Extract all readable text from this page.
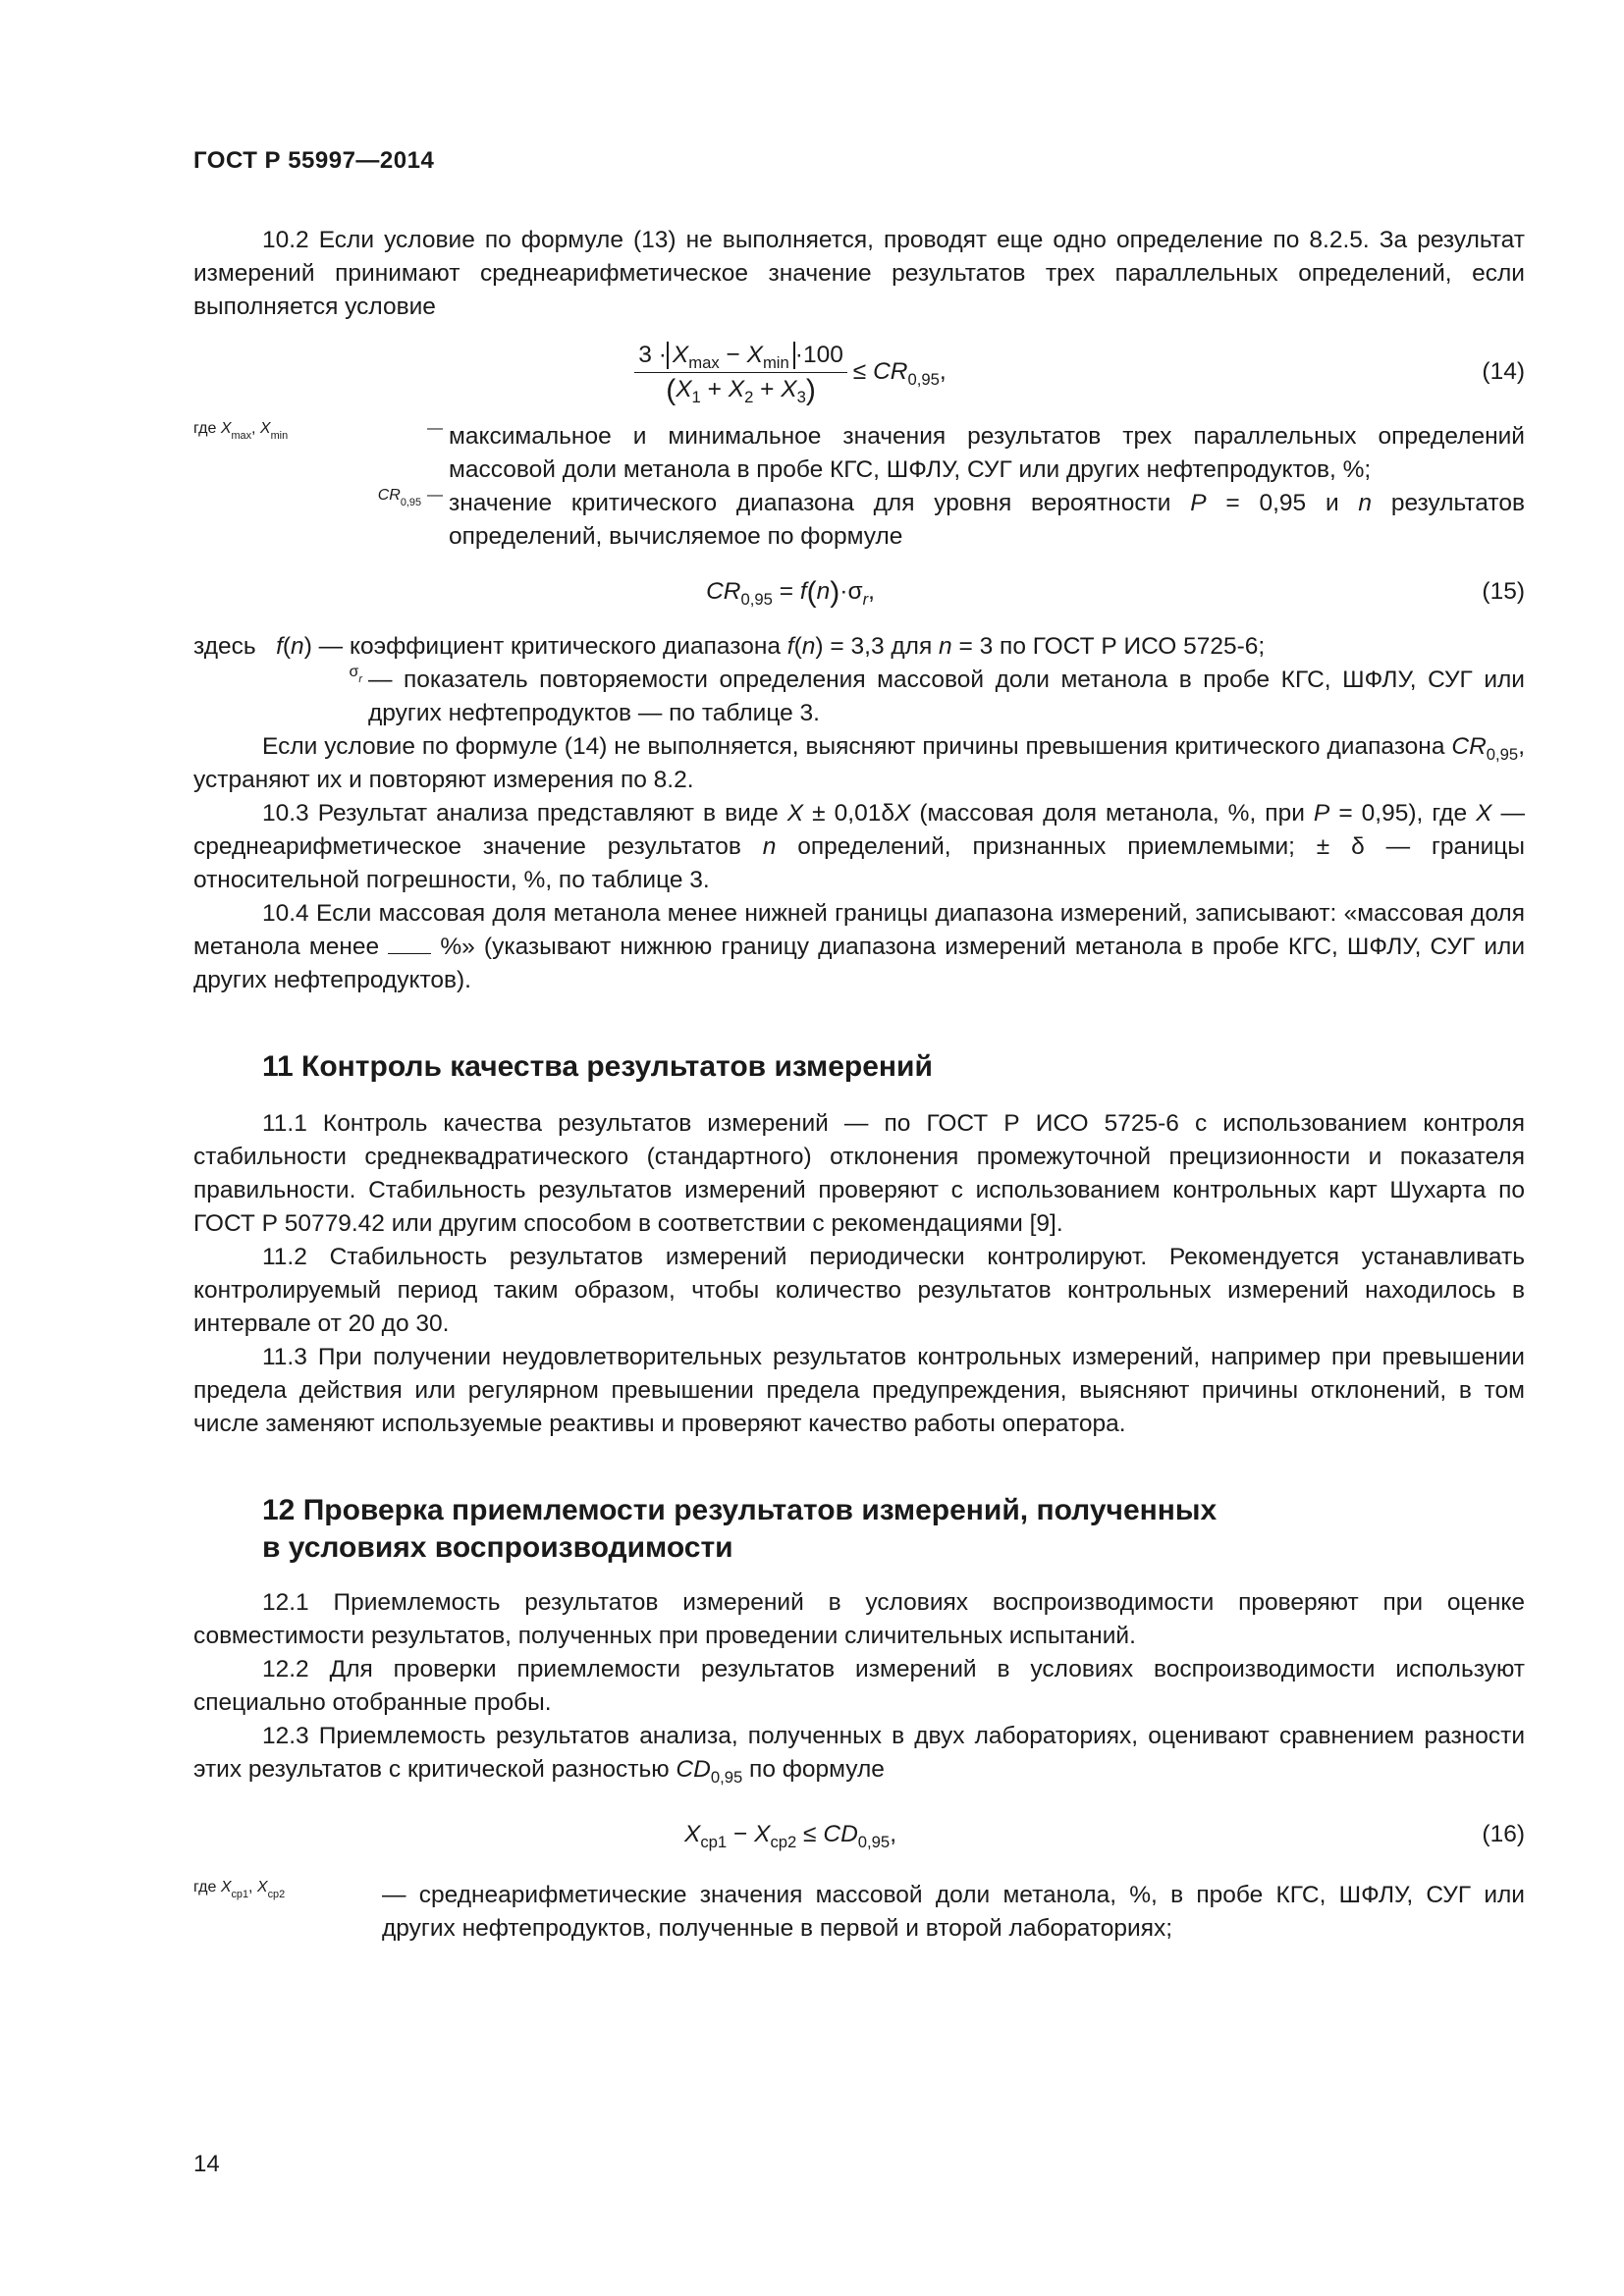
ГОСТ Р 55997—2014

10.2 Если условие по формуле (13) не выполняется, проводят еще одно определение по 8.2.5. За результат измерений принимают среднеарифметическое значение результатов трех параллельных определений, если выполняется условие

$\frac{3 \cdot X_{max} - X_{min} \cdot 100}{(X_1 + X_2 + X_3)} \le CR_{0,95}$,	(14)
где $X_{max}$, $X_{min}$	— максимальное и минимальное значения результатов трех параллельных определений массовой доли метанола в пробе КГС, ШФЛУ, СУГ или других нефтепродуктов, %;

$CR_{0,95}$ — значение критического диапазона для уровня вероятности P = 0,95 и n результатов определений, вычисляемое по формуле

$CR_{0,95} = f(n)\cdot\sigma_r$,	(15)

здесь f(n) — коэффициент критического диапазона f(n) = 3,3 для n = 3 по ГОСТ Р ИСО 5725-6;

$\sigma_r$ — показатель повторяемости определения массовой доли метанола в пробе КГС, ШФЛУ, СУГ или других нефтепродуктов — по таблице 3.

Если условие по формуле (14) не выполняется, выясняют причины превышения критического диапазона $CR_{0,95}$, устраняют их и повторяют измерения по 8.2.

10.3 Результат анализа представляют в виде X ± 0,01δX (массовая доля метанола, %, при P = 0,95), где X — среднеарифметическое значение результатов n определений, признанных приемлемыми; ± δ — границы относительной погрешности, %, по таблице 3.

10.4 Если массовая доля метанола менее нижней границы диапазона измерений, записывают: «массовая доля метанола менее	%» (указывают нижнюю границу диапазона измерений метанола в пробе КГС, ШФЛУ, СУГ или других нефтепродуктов).

11 Контроль качества результатов измерений

11.1 Контроль качества результатов измерений — по ГОСТ Р ИСО 5725-6 с использованием контроля стабильности среднеквадратического (стандартного) отклонения промежуточной прецизионности и показателя правильности. Стабильность результатов измерений проверяют с использованием контрольных карт Шухарта по ГОСТ Р 50779.42 или другим способом в соответствии с рекомендациями [9].

11.2 Стабильность результатов измерений периодически контролируют. Рекомендуется устанавливать контролируемый период таким образом, чтобы количество результатов контрольных измерений находилось в интервале от 20 до 30.

11.3 При получении неудовлетворительных результатов контрольных измерений, например при превышении предела действия или регулярном превышении предела предупреждения, выясняют причины отклонений, в том числе заменяют используемые реактивы и проверяют качество работы оператора.

12 Проверка приемлемости результатов измерений, полученных
в условиях воспроизводимости

12.1 Приемлемость результатов измерений в условиях воспроизводимости проверяют при оценке совместимости результатов, полученных при проведении сличительных испытаний.

12.2 Для проверки приемлемости результатов измерений в условиях воспроизводимости используют специально отобранные пробы.

12.3 Приемлемость результатов анализа, полученных в двух лабораториях, оценивают сравнением разности этих результатов с критической разностью $CD_{0,95}$ по формуле

$X_{ср1} - X_{ср2} \le CD_{0,95}$,	(16)
где $X_{ср1}$, $X_{ср2}$	— среднеарифметические значения массовой доли метанола, %, в пробе КГС, ШФЛУ, СУГ или других нефтепродуктов, полученные в первой и второй лабораториях;

14
